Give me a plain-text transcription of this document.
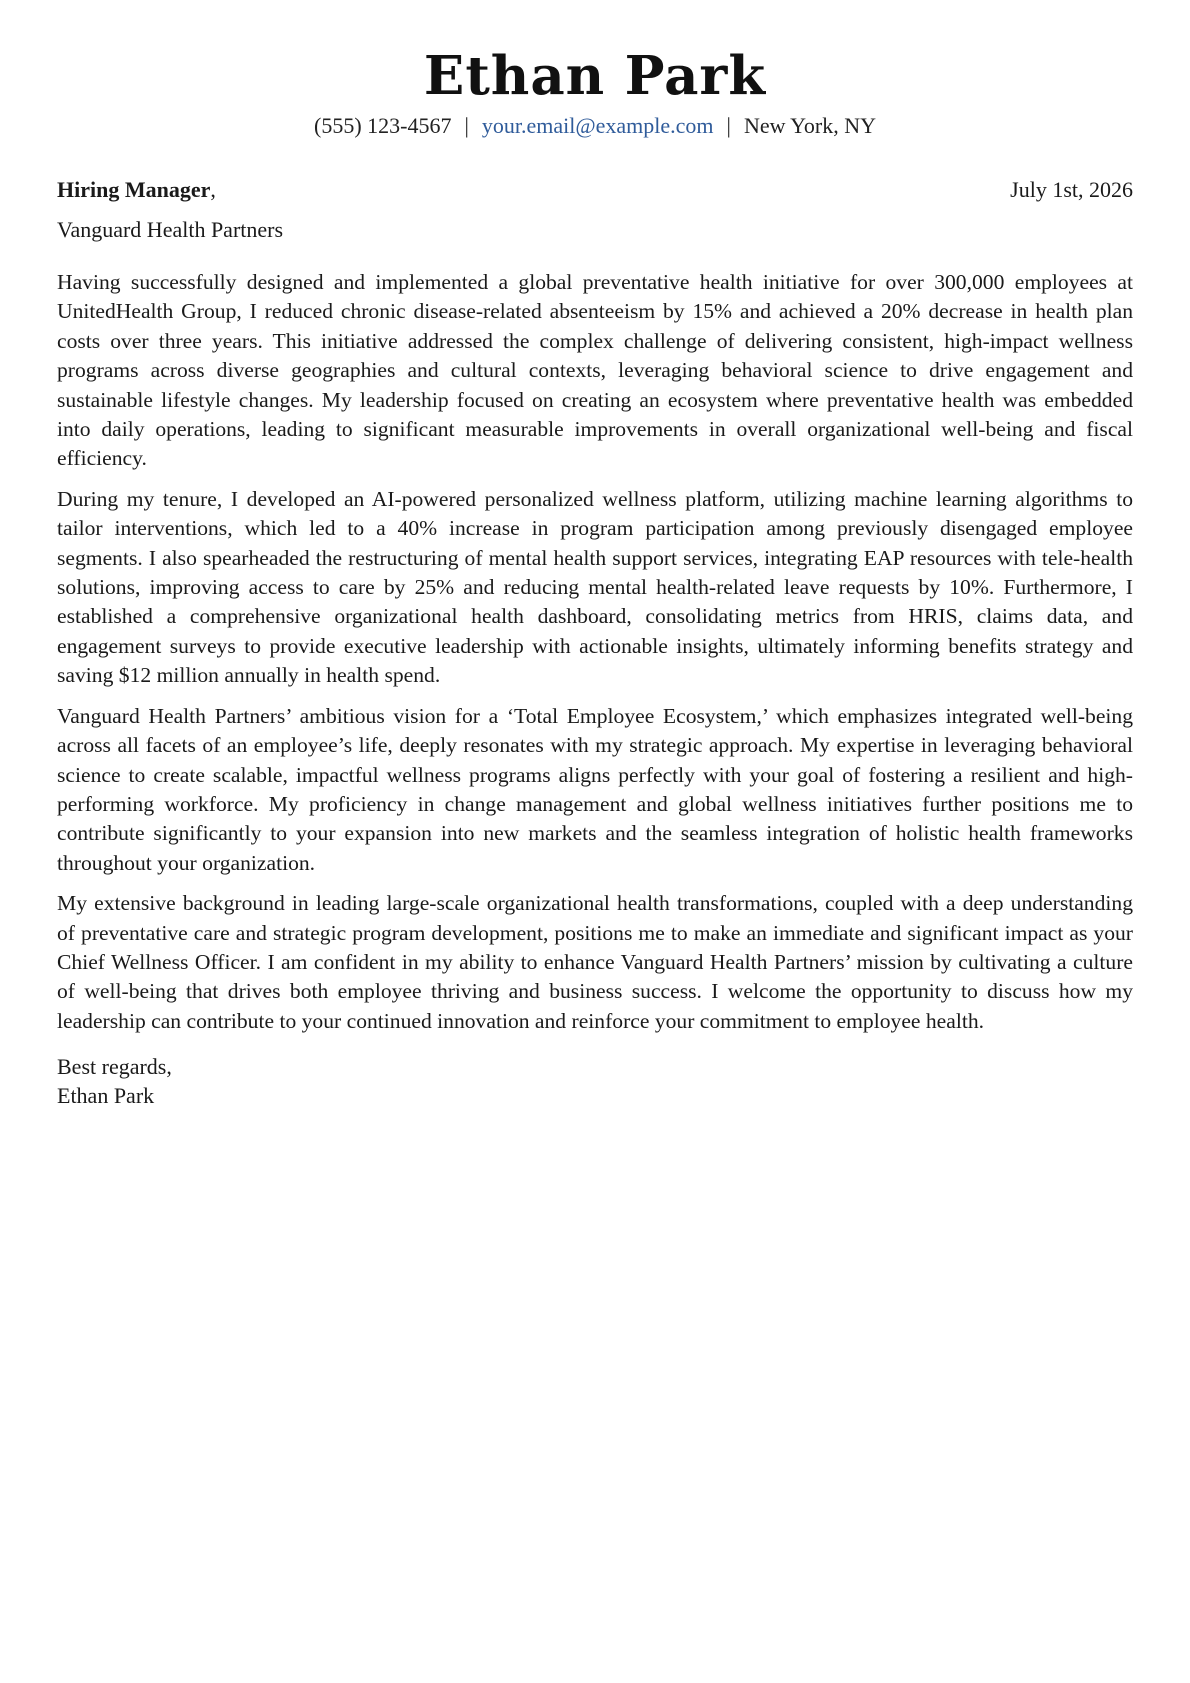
Ethan Park
(555) 123-4567 | your.email@example.com | New York, NY
Hiring Manager,	July 1st, 2026
Vanguard Health Partners

Having successfully designed and implemented a global preventative health initiative for over 300,000 employees at UnitedHealth Group, I reduced chronic disease-related absenteeism by 15% and achieved a 20% decrease in health plan costs over three years. This initiative addressed the complex challenge of delivering consistent, high-impact wellness programs across diverse geographies and cultural contexts, leveraging behavioral science to drive engagement and sustainable lifestyle changes. My leadership focused on creating an ecosystem where preventative health was embedded into daily operations, leading to significant measurable improvements in overall organizational well-being and fiscal efficiency.

During my tenure, I developed an AI-powered personalized wellness platform, utilizing machine learning algorithms to tailor interventions, which led to a 40% increase in program participation among previously disengaged employee segments. I also spearheaded the restructuring of mental health support services, integrating EAP resources with tele-health solutions, improving access to care by 25% and reducing mental health-related leave requests by 10%. Furthermore, I established a comprehensive organizational health dashboard, consolidating metrics from HRIS, claims data, and engagement surveys to provide executive leadership with actionable insights, ultimately informing benefits strategy and saving $12 million annually in health spend.

Vanguard Health Partners’ ambitious vision for a ‘Total Employee Ecosystem,’ which emphasizes integrated well-being across all facets of an employee’s life, deeply resonates with my strategic approach. My expertise in leveraging behavioral science to create scalable, impactful wellness programs aligns perfectly with your goal of fostering a resilient and high-performing workforce. My proficiency in change management and global wellness initiatives further positions me to contribute significantly to your expansion into new markets and the seamless integration of holistic health frameworks throughout your organization.

My extensive background in leading large-scale organizational health transformations, coupled with a deep understanding of preventative care and strategic program development, positions me to make an immediate and significant impact as your Chief Wellness Officer. I am confident in my ability to enhance Vanguard Health Partners’ mission by cultivating a culture of well-being that drives both employee thriving and business success. I welcome the opportunity to discuss how my leadership can contribute to your continued innovation and reinforce your commitment to employee health.

Best regards,
Ethan Park
